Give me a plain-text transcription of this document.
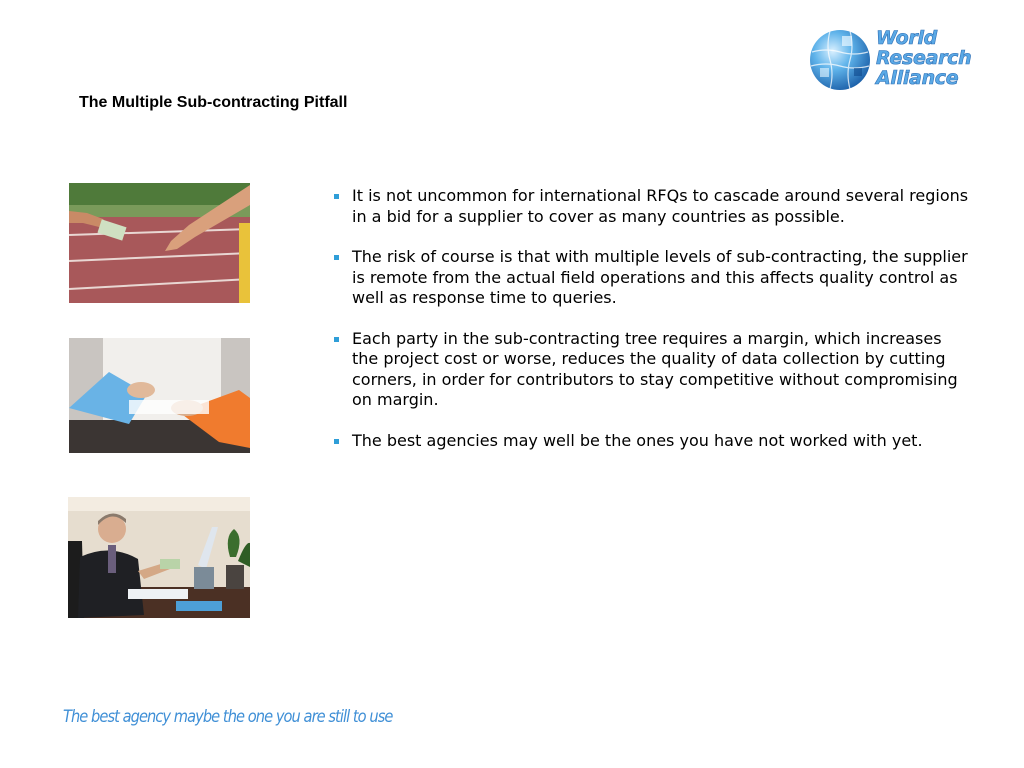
The Multiple Sub-contracting Pitfall
World
Research
Alliance
It is not uncommon for international RFQs to cascade around several regions in a bid for a supplier to cover as many countries as possible.
The risk of course is that with multiple levels of sub-contracting, the supplier is remote from the actual field operations and this affects quality control as well as response time to queries.
Each party in the sub-contracting tree requires a margin, which increases the project cost or worse, reduces the quality of data collection by cutting corners, in order for contributors to stay competitive without compromising on margin.
The best agencies may well be the ones you have not worked with yet.
The best agency maybe the one you are still to use
